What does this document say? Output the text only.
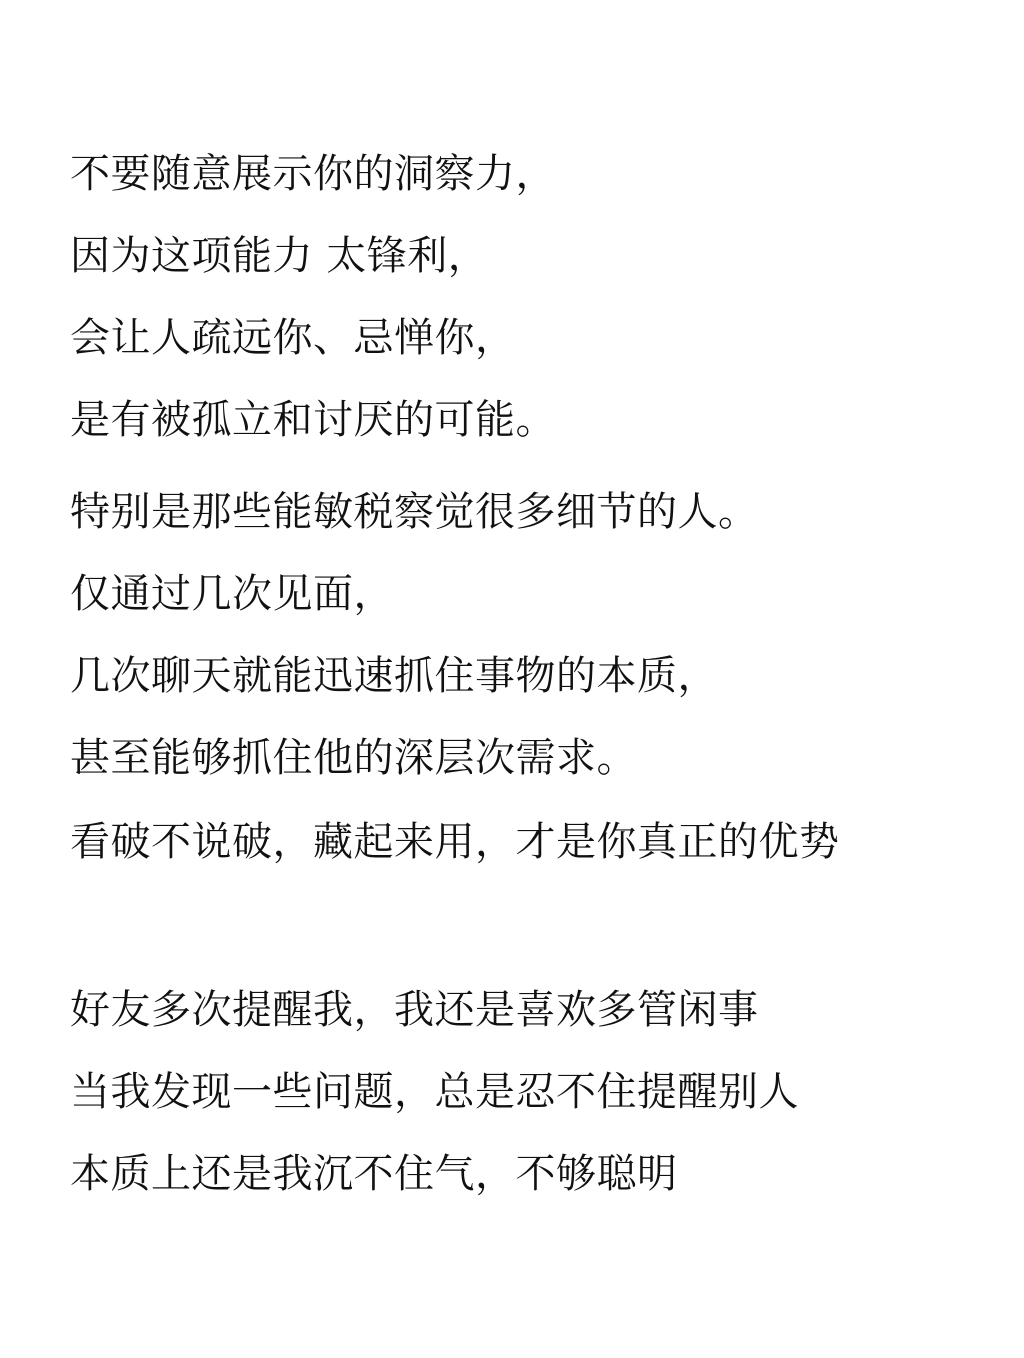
不要随意展示你的洞察力，

因为这项能力 太锋利，

会让人疏远你、忌惮你，

是有被孤立和讨厌的可能。

特别是那些能敏税察觉很多细节的人。

仅通过几次见面，

几次聊天就能迅速抓住事物的本质，

甚至能够抓住他的深层次需求。

看破不说破，藏起来用，才是你真正的优势

好友多次提醒我，我还是喜欢多管闲事

当我发现一些问题，总是忍不住提醒别人

本质上还是我沉不住气，不够聪明
